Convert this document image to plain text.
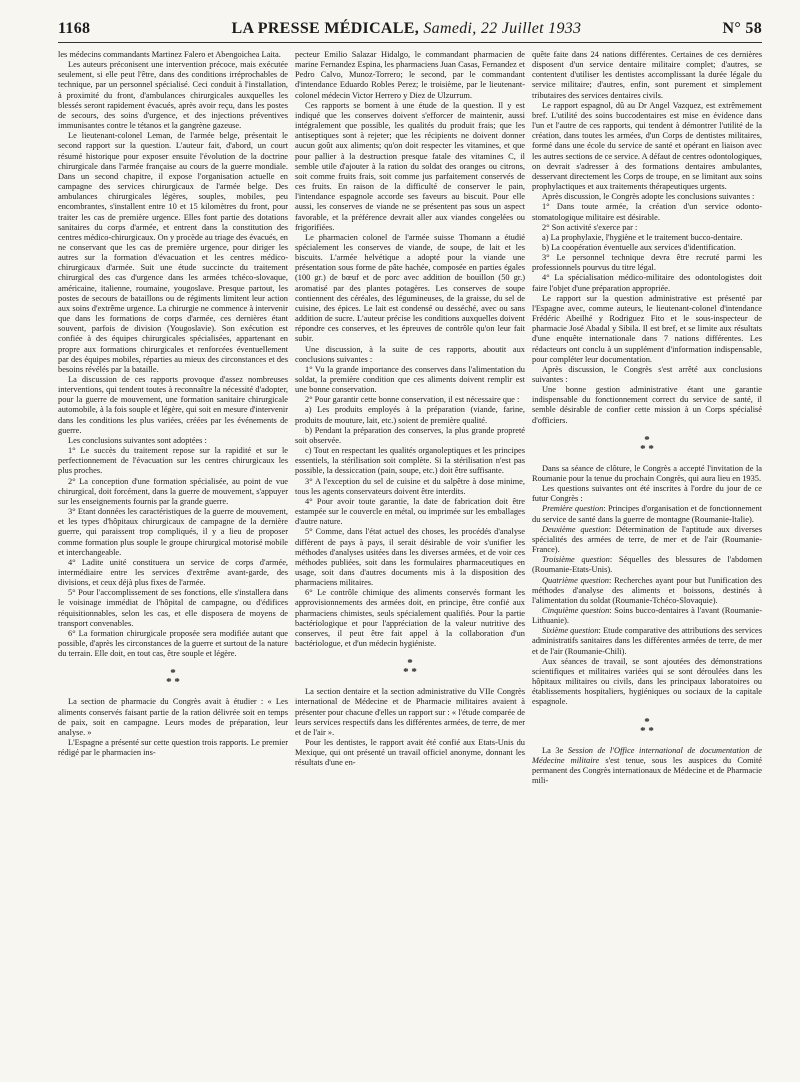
1168	LA PRESSE MÉDICALE, Samedi, 22 Juillet 1933	N° 58

les médecins commandants Martinez Falero et Abengoichea Laita.

Les auteurs préconisent une intervention précoce, mais exécutée seulement, si elle peut l'être, dans des conditions irréprochables de technique, par un personnel spécialisé. Ceci conduit à l'installation, à proximité du front, d'ambulances chirurgicales auxquelles les blessés seront rapidement évacués, après avoir reçu, dans les postes de secours, des soins d'urgence, et des injections préventives immunisantes contre le tétanos et la gangrène gazeuse.

Le lieutenant-colonel Leman, de l'armée belge, présentait le second rapport sur la question. L'auteur fait, d'abord, un court résumé historique pour exposer ensuite l'évolution de la doctrine chirurgicale dans l'armée française au cours de la guerre mondiale. Dans un second chapitre, il expose l'organisation actuelle en campagne des services chirurgicaux de l'armée belge. Des ambulances chirurgicales légères, souples, mobiles, peu encombrantes, s'installent entre 10 et 15 kilomètres du front, pour traiter les cas de première urgence. Elles font partie des dotations sanitaires du corps d'armée, et entrent dans la constitution des centres médico-chirurgicaux. On y procède au triage des évacués, en ne conservant que les cas de première urgence, pour diriger les autres sur la formation d'évacuation et les centres médico-chirurgicaux d'armée. Suit une étude succincte du traitement chirurgical des cas d'urgence dans les armées tchéco-slovaque, américaine, italienne, roumaine, yougoslave. Presque partout, les postes de secours de bataillons ou de régiments limitent leur action aux soins d'extrême urgence. La chirurgie ne commence à intervenir que dans les formations de corps d'armée, ces dernières étant souvent, parfois de division (Yougoslavie). Son exécution est confiée à des équipes chirurgicales spécialisées, appartenant en propre aux formations chirurgicales et renforcées éventuellement par des équipes mobiles, réparties au mieux des circonstances et des besoins révélés par la bataille.

La discussion de ces rapports provoque d'assez nombreuses interventions, qui tendent toutes à reconnaître la nécessité d'adopter, pour la guerre de mouvement, une formation sanitaire chirurgicale automobile, à la fois souple et légère, qui soit en mesure d'intervenir dans les conditions les plus variées, créées par les événements de guerre.

Les conclusions suivantes sont adoptées :

1° Le succès du traitement repose sur la rapidité et sur le perfectionnement de l'évacuation sur les centres chirurgicaux les plus proches.

2° La conception d'une formation spécialisée, au point de vue chirurgical, doit forcément, dans la guerre de mouvement, s'appuyer sur les enseignements fournis par la grande guerre.

3° Etant données les caractéristiques de la guerre de mouvement, et les types d'hôpitaux chirurgicaux de campagne de la dernière guerre, qui paraissent trop compliqués, il y a lieu de proposer comme formation plus souple le groupe chirurgical motorisé mobile et interchangeable.

4° Ladite unité constituera un service de corps d'armée, intermédiaire entre les services d'extrême avant-garde, des divisions, et ceux déjà plus fixes de l'armée.

5° Pour l'accomplissement de ses fonctions, elle s'installera dans le voisinage immédiat de l'hôpital de campagne, ou d'édifices réquisitionnables, selon les cas, et elle disposera de moyens de transport convenables.

6° La formation chirurgicale proposée sera modifiée autant que possible, d'après les circonstances de la guerre et surtout de la nature du terrain. Elle doit, en tout cas, être souple et légère.

*
* *

La section de pharmacie du Congrès avait à étudier : « Les aliments conservés faisant partie de la ration délivrée soit en temps de paix, soit en campagne. Leurs modes de préparation, leur analyse. »

L'Espagne a présenté sur cette question trois rapports. Le premier rédigé par le pharmacien ins-

pecteur Emilio Salazar Hidalgo, le commandant pharmacien de marine Fernandez Espina, les pharmaciens Juan Casas, Fernandez et Pedro Calvo, Munoz-Torrero; le second, par le commandant d'intendance Eduardo Robles Perez; le troisième, par le lieutenant-colonel médecin Victor Herrero y Diez de Ulzurrum.

Ces rapports se bornent à une étude de la question. Il y est indiqué que les conserves doivent s'efforcer de maintenir, aussi intégralement que possible, les qualités du produit frais; que les antiseptiques sont à rejeter; que les récipients ne doivent donner aucun goût aux aliments; qu'on doit respecter les vitamines, et que pour pallier à la destruction presque fatale des vitamines C, il semble utile d'ajouter à la ration du soldat des oranges ou citrons, soit comme fruits frais, soit comme jus parfaitement conservés de ces fruits. En raison de la difficulté de conserver le pain, l'intendance espagnole accorde ses faveurs au biscuit. Pour elle aussi, les conserves de viande ne se présentent pas sous un aspect favorable, et la préférence devrait aller aux viandes congelées ou frigorifiées.

Le pharmacien colonel de l'armée suisse Thomann a étudié spécialement les conserves de viande, de soupe, de lait et les biscuits. L'armée helvétique a adopté pour la viande une présentation sous forme de pâte hachée, composée en parties égales (100 gr.) de bœuf et de porc avec addition de bouillon (50 gr.) aromatisé par des plantes potagères. Les conserves de soupe contiennent des céréales, des légumineuses, de la graisse, du sel de cuisine, des épices. Le lait est condensé ou desséché, avec ou sans addition de sucre. L'auteur précise les conditions auxquelles doivent répondre ces conserves, et les épreuves de contrôle qu'on leur fait subir.

Une discussion, à la suite de ces rapports, aboutit aux conclusions suivantes :

1° Vu la grande importance des conserves dans l'alimentation du soldat, la première condition que ces aliments doivent remplir est une bonne conservation.

2° Pour garantir cette bonne conservation, il est nécessaire que :

a) Les produits employés à la préparation (viande, farine, produits de mouture, lait, etc.) soient de première qualité.

b) Pendant la préparation des conserves, la plus grande propreté soit observée.

c) Tout en respectant les qualités organoleptiques et les principes essentiels, la stérilisation soit complète. Si la stérilisation n'est pas possible, la dessiccation (pain, soupe, etc.) doit être suffisante.

3° A l'exception du sel de cuisine et du salpêtre à dose minime, tous les agents conservateurs doivent être interdits.

4° Pour avoir toute garantie, la date de fabrication doit être estampée sur le couvercle en métal, ou imprimée sur les emballages d'autre nature.

5° Comme, dans l'état actuel des choses, les procédés d'analyse diffèrent de pays à pays, il serait désirable de voir s'unifier les méthodes d'analyses usitées dans les diverses armées, et de voir ces méthodes publiées, soit dans les formulaires pharmaceutiques en usage, soit dans d'autres documents mis à la disposition des pharmaciens militaires.

6° Le contrôle chimique des aliments conservés formant les approvisionnements des armées doit, en principe, être confié aux pharmaciens chimistes, seuls spécialement qualifiés. Pour la partie bactériologique et pour l'appréciation de la valeur nutritive des conserves, il peut être fait appel à la collaboration d'un bactériologue, et d'un médecin hygiéniste.

*
* *

La section dentaire et la section administrative du VIIe Congrès international de Médecine et de Pharmacie militaires avaient à présenter pour chacune d'elles un rapport sur : « l'étude comparée de leurs services respectifs dans les différentes armées, de terre, de mer et de l'air ».

Pour les dentistes, le rapport avait été confié aux Etats-Unis du Mexique, qui ont présenté un travail officiel anonyme, donnant les résultats d'une en-

quête faite dans 24 nations différentes. Certaines de ces dernières disposent d'un service dentaire militaire complet; d'autres, se contentent d'utiliser les dentistes accomplissant la durée légale du service militaire; d'autres, enfin, sont purement et simplement tributaires des services dentaires civils.

Le rapport espagnol, dû au Dr Angel Vazquez, est extrêmement bref. L'utilité des soins buccodentaires est mise en évidence dans l'un et l'autre de ces rapports, qui tendent à démontrer l'utilité de la création, dans toutes les armées, d'un Corps de dentistes militaires, formé dans une école du service de santé et opérant en liaison avec les autres sections de ce service. A défaut de centres odontologiques, on devrait s'adresser à des formations dentaires ambulantes, desservant directement les Corps de troupe, en se limitant aux soins prophylactiques et aux traitements thérapeutiques urgents.

Après discussion, le Congrès adopte les conclusions suivantes :

1° Dans toute armée, la création d'un service odonto-stomatologique militaire est désirable.

2° Son activité s'exerce par :

a) La prophylaxie, l'hygiène et le traitement bucco-dentaire.

b) La coopération éventuelle aux services d'identification.

3° Le personnel technique devra être recruté parmi les professionnels pourvus du titre légal.

4° La spécialisation médico-militaire des odontologistes doit faire l'objet d'une préparation appropriée.

Le rapport sur la question administrative est présenté par l'Espagne avec, comme auteurs, le lieutenant-colonel d'intendance Frédéric Abeilhé y Rodriguez Fito et le sous-inspecteur de pharmacie José Abadal y Sibila. Il est bref, et se limite aux résultats d'une enquête internationale dans 7 nations différentes. Les rédacteurs ont conclu à un supplément d'information indispensable, pour compléter leur documentation.

Après discussion, le Congrès s'est arrêté aux conclusions suivantes :

Une bonne gestion administrative étant une garantie indispensable du fonctionnement correct du service de santé, il semble désirable de confier cette mission à un Corps spécialisé d'officiers.

*
* *

Dans sa séance de clôture, le Congrès a accepté l'invitation de la Roumanie pour la tenue du prochain Congrès, qui aura lieu en 1935.

Les questions suivantes ont été inscrites à l'ordre du jour de ce futur Congrès :

Première question: Principes d'organisation et de fonctionnement du service de santé dans la guerre de montagne (Roumanie-Italie).

Deuxième question: Détermination de l'aptitude aux diverses spécialités des armées de terre, de mer et de l'air (Roumanie-France).

Troisième question: Séquelles des blessures de l'abdomen (Roumanie-Etats-Unis).

Quatrième question: Recherches ayant pour but l'unification des méthodes d'analyse des aliments et boissons, destinés à l'alimentation du soldat (Roumanie-Tchéco-Slovaquie).

Cinquième question: Soins bucco-dentaires à l'avant (Roumanie-Lithuanie).

Sixième question: Etude comparative des attributions des services administratifs sanitaires dans les différentes armées de terre, de mer et de l'air (Roumanie-Chili).

Aux séances de travail, se sont ajoutées des démonstrations scientifiques et militaires variées qui se sont déroulées dans les hôpitaux militaires ou civils, dans les principaux laboratoires ou établissements hospitaliers, hygiéniques ou sociaux de la capitale espagnole.

*
* *

La 3e Session de l'Office international de documentation de Médecine militaire s'est tenue, sous les auspices du Comité permanent des Congrès internationaux de Médecine et de Pharmacie mili-
